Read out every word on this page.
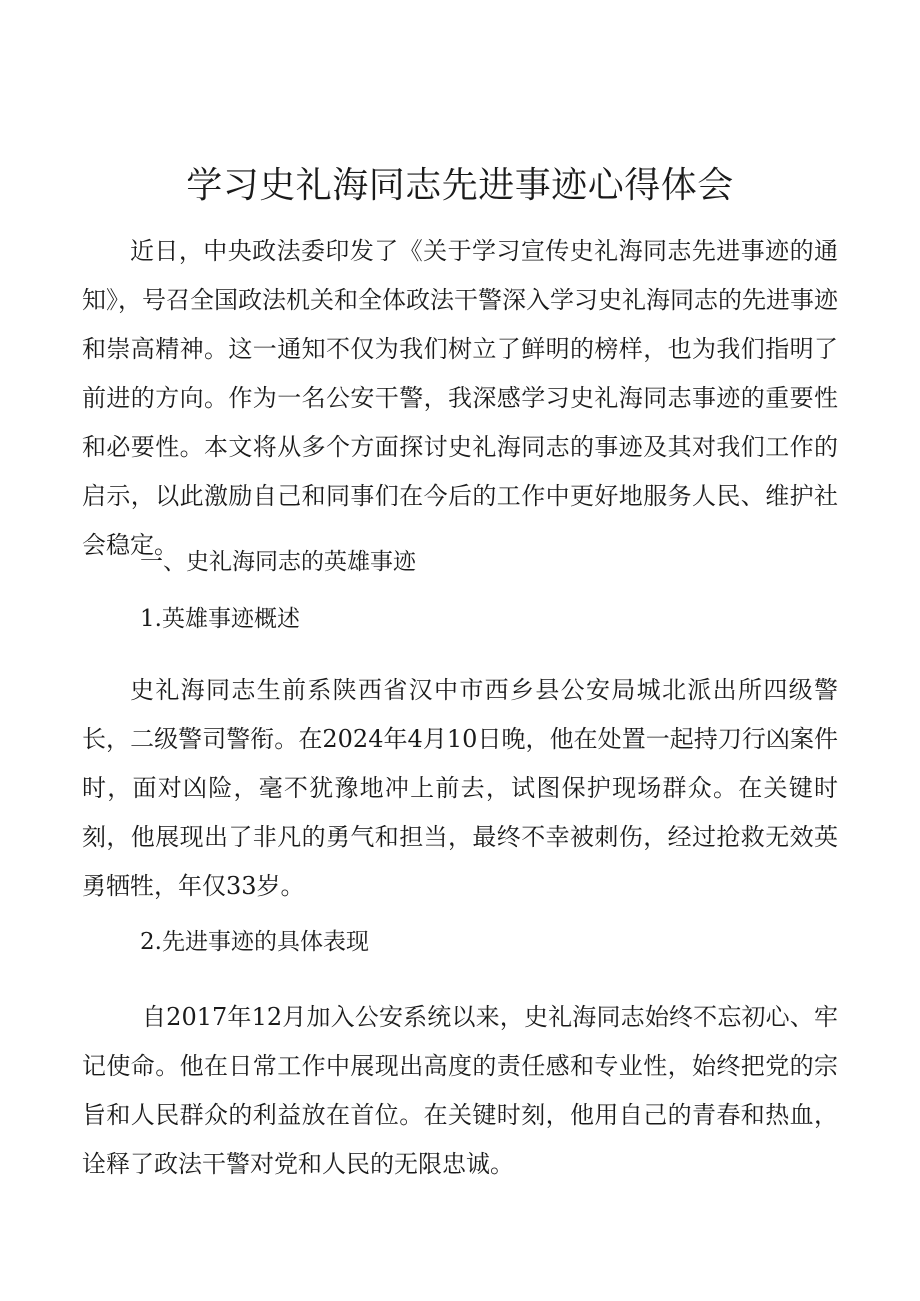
学习史礼海同志先进事迹心得体会

近日，中央政法委印发了《关于学习宣传史礼海同志先进事迹的通知》，号召全国政法机关和全体政法干警深入学习史礼海同志的先进事迹和崇高精神。这一通知不仅为我们树立了鲜明的榜样，也为我们指明了前进的方向。作为一名公安干警，我深感学习史礼海同志事迹的重要性和必要性。本文将从多个方面探讨史礼海同志的事迹及其对我们工作的启示，以此激励自己和同事们在今后的工作中更好地服务人民、维护社会稳定。

一、史礼海同志的英雄事迹
1.英雄事迹概述

史礼海同志生前系陕西省汉中市西乡县公安局城北派出所四级警长，二级警司警衔。在2024年4月10日晚，他在处置一起持刀行凶案件时，面对凶险，毫不犹豫地冲上前去，试图保护现场群众。在关键时刻，他展现出了非凡的勇气和担当，最终不幸被刺伤，经过抢救无效英勇牺牲，年仅33岁。

2.先进事迹的具体表现

自2017年12月加入公安系统以来，史礼海同志始终不忘初心、牢记使命。他在日常工作中展现出高度的责任感和专业性，始终把党的宗旨和人民群众的利益放在首位。在关键时刻，他用自己的青春和热血，诠释了政法干警对党和人民的无限忠诚。
